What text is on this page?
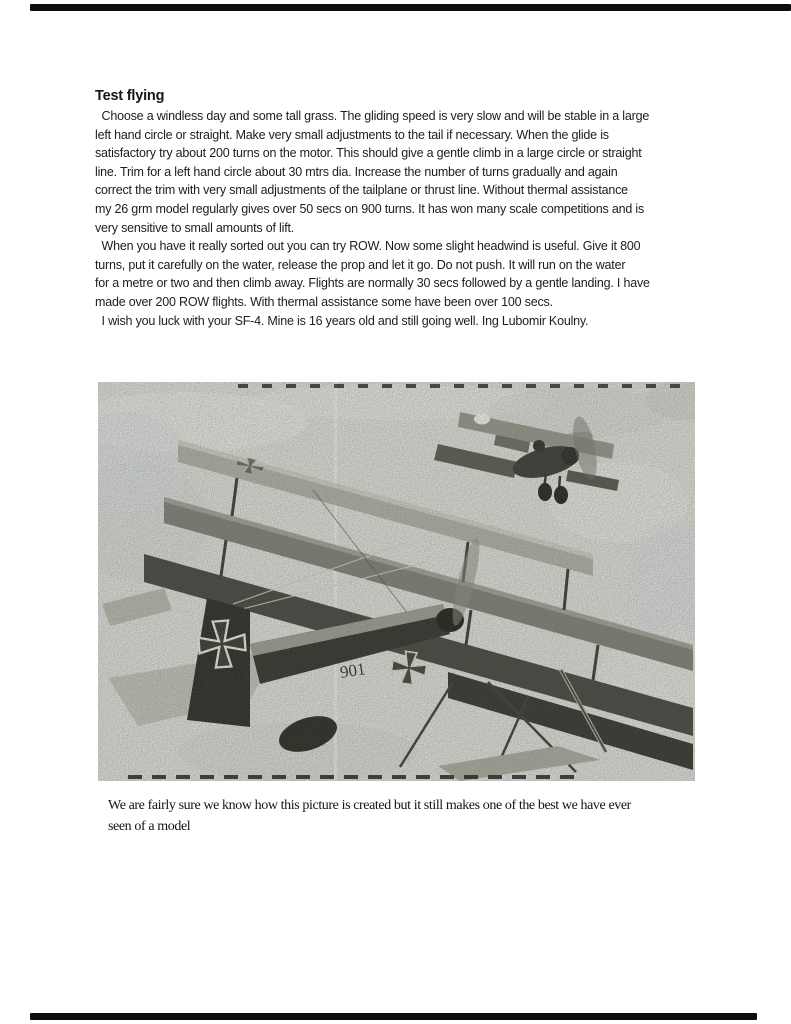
Test flying
Choose a windless day and some tall grass. The gliding speed is very slow and will be stable in a large
left hand circle or straight. Make very small adjustments to the tail if necessary. When the glide is
satisfactory try about 200 turns on the motor. This should give a gentle climb in a large circle or straight
line. Trim for a left hand circle about 30 mtrs dia. Increase the number of turns gradually and again
correct the trim with very small adjustments of the tailplane or thrust line. Without thermal assistance
my 26 grm model regularly gives over 50 secs on 900 turns. It has won many scale competitions and is
very sensitive to small amounts of lift.
When you have it really sorted out you can try ROW. Now some slight headwind is useful. Give it 800
turns, put it carefully on the water, release the prop and let it go. Do not push. It will run on the water
for a metre or two and then climb away. Flights are normally 30 secs followed by a gentle landing. I have
made over 200 ROW flights. With thermal assistance some have been over 100 secs.
I wish you luck with your SF-4. Mine is 16 years old and still going well. Ing Lubomir Koulny.
We are fairly sure we know how this picture is created but it still makes one of the best we have ever
seen of a model
